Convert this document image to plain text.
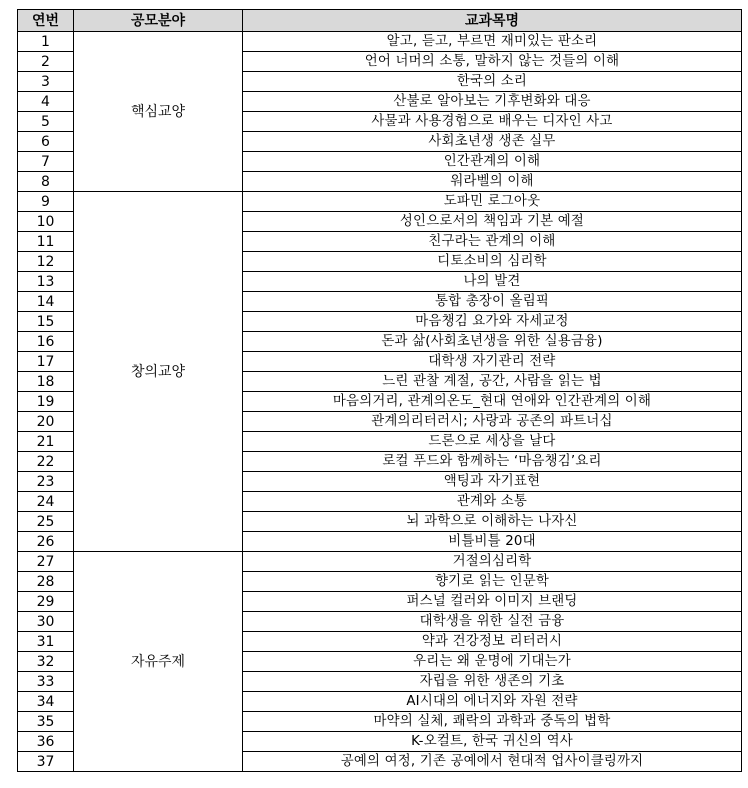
연번	공모분야	교과목명
1	핵심교양	알고, 듣고, 부르면 재미있는 판소리
2		언어 너머의 소통, 말하지 않는 것들의 이해
3		한국의 소리
4		산불로 알아보는 기후변화와 대응
5		사물과 사용경험으로 배우는 디자인 사고
6		사회초년생 생존 실무
7		인간관계의 이해
8		워라벨의 이해
9	창의교양	도파민 로그아웃
10		성인으로서의 책임과 기본 예절
11		친구라는 관계의 이해
12		디토소비의 심리학
13		나의 발견
14		통합 총장이 올림픽
15		마음챙김 요가와 자세교정
16		돈과 삶(사회초년생을 위한 실용금융)
17		대학생 자기관리 전략
18		느린 관찰 계절, 공간, 사람을 읽는 법
19		마음의거리, 관계의온도_현대 연애와 인간관계의 이해
20		관계의리터러시; 사랑과 공존의 파트너십
21		드론으로 세상을 날다
22		로컬 푸드와 함께하는 ‘마음챙김’요리
23		액팅과 자기표현
24		관계와 소통
25		뇌 과학으로 이해하는 나자신
26		비틀비틀 20대
27	자유주제	거절의심리학
28		향기로 읽는 인문학
29		퍼스널 컬러와 이미지 브랜딩
30		대학생을 위한 실전 금융
31		약과 건강정보 리터러시
32		우리는 왜 운명에 기대는가
33		자립을 위한 생존의 기초
34		AI시대의 에너지와 자원 전략
35		마약의 실체, 쾌락의 과학과 중독의 법학
36		K-오컬트, 한국 귀신의 역사
37		공예의 여정, 기존 공예에서 현대적 업사이클링까지
